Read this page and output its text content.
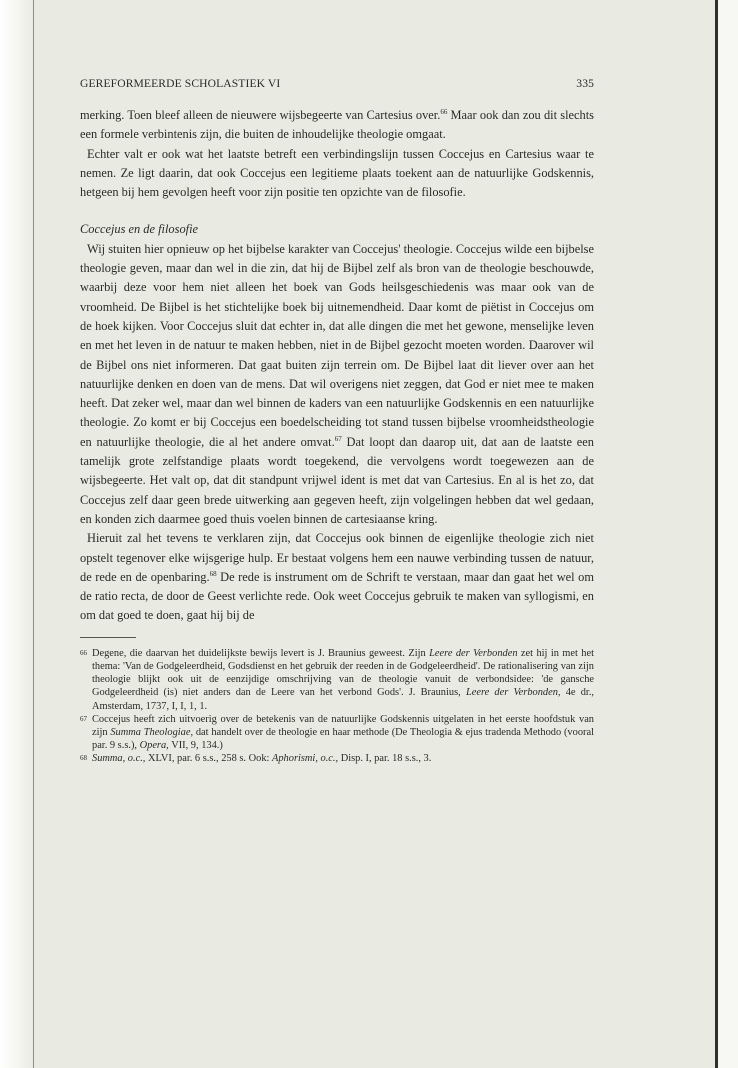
GEREFORMEERDE SCHOLASTIEK VI	335

merking. Toen bleef alleen de nieuwere wijsbegeerte van Cartesius over.$^{66}$ Maar ook dan zou dit slechts een formele verbintenis zijn, die buiten de inhoudelijke theologie omgaat.

Echter valt er ook wat het laatste betreft een verbindingslijn tussen Coccejus en Cartesius waar te nemen. Ze ligt daarin, dat ook Coccejus een legitieme plaats toekent aan de natuurlijke Godskennis, hetgeen bij hem gevolgen heeft voor zijn positie ten opzichte van de filosofie.

Coccejus en de filosofie

Wij stuiten hier opnieuw op het bijbelse karakter van Coccejus' theologie. Coccejus wilde een bijbelse theologie geven, maar dan wel in die zin, dat hij de Bijbel zelf als bron van de theologie beschouwde, waarbij deze voor hem niet alleen het boek van Gods heilsgeschiedenis was maar ook van de vroomheid. De Bijbel is het stichtelijke boek bij uitnemendheid. Daar komt de piëtist in Coccejus om de hoek kijken. Voor Coccejus sluit dat echter in, dat alle dingen die met het gewone, menselijke leven en met het leven in de natuur te maken hebben, niet in de Bijbel gezocht moeten worden. Daarover wil de Bijbel ons niet informeren. Dat gaat buiten zijn terrein om. De Bijbel laat dit liever over aan het natuurlijke denken en doen van de mens. Dat wil overigens niet zeggen, dat God er niet mee te maken heeft. Dat zeker wel, maar dan wel binnen de kaders van een natuurlijke Godskennis en een natuurlijke theologie. Zo komt er bij Coccejus een boedelscheiding tot stand tussen bijbelse vroomheidstheologie en natuurlijke theologie, die al het andere omvat.$^{67}$ Dat loopt dan daarop uit, dat aan de laatste een tamelijk grote zelfstandige plaats wordt toegekend, die vervolgens wordt toegewezen aan de wijsbegeerte. Het valt op, dat dit standpunt vrijwel ident is met dat van Cartesius. En al is het zo, dat Coccejus zelf daar geen brede uitwerking aan gegeven heeft, zijn volgelingen hebben dat wel gedaan, en konden zich daarmee goed thuis voelen binnen de cartesiaanse kring.

Hieruit zal het tevens te verklaren zijn, dat Coccejus ook binnen de eigenlijke theologie zich niet opstelt tegenover elke wijsgerige hulp. Er bestaat volgens hem een nauwe verbinding tussen de natuur, de rede en de openbaring.$^{68}$ De rede is instrument om de Schrift te verstaan, maar dan gaat het wel om de ratio recta, de door de Geest verlichte rede. Ook weet Coccejus gebruik te maken van syllogismi, en om dat goed te doen, gaat hij bij de

66 Degene, die daarvan het duidelijkste bewijs levert is J. Braunius geweest. Zijn Leere der Verbonden zet hij in met het thema: 'Van de Godgeleerdheid, Godsdienst en het gebruik der reeden in de Godgeleerdheid'. De rationalisering van zijn theologie blijkt ook uit de eenzijdige omschrijving van de theologie vanuit de verbondsidee: 'de gansche Godgeleerdheid (is) niet anders dan de Leere van het verbond Gods'. J. Braunius, Leere der Verbonden, 4e dr., Amsterdam, 1737, I, I, 1, 1.
67 Coccejus heeft zich uitvoerig over de betekenis van de natuurlijke Godskennis uitgelaten in het eerste hoofdstuk van zijn Summa Theologiae, dat handelt over de theologie en haar methode (De Theologia & ejus tradenda Methodo (vooral par. 9 s.s.), Opera, VII, 9, 134.)
68 Summa, o.c., XLVI, par. 6 s.s., 258 s. Ook: Aphorismi, o.c., Disp. I, par. 18 s.s., 3.
